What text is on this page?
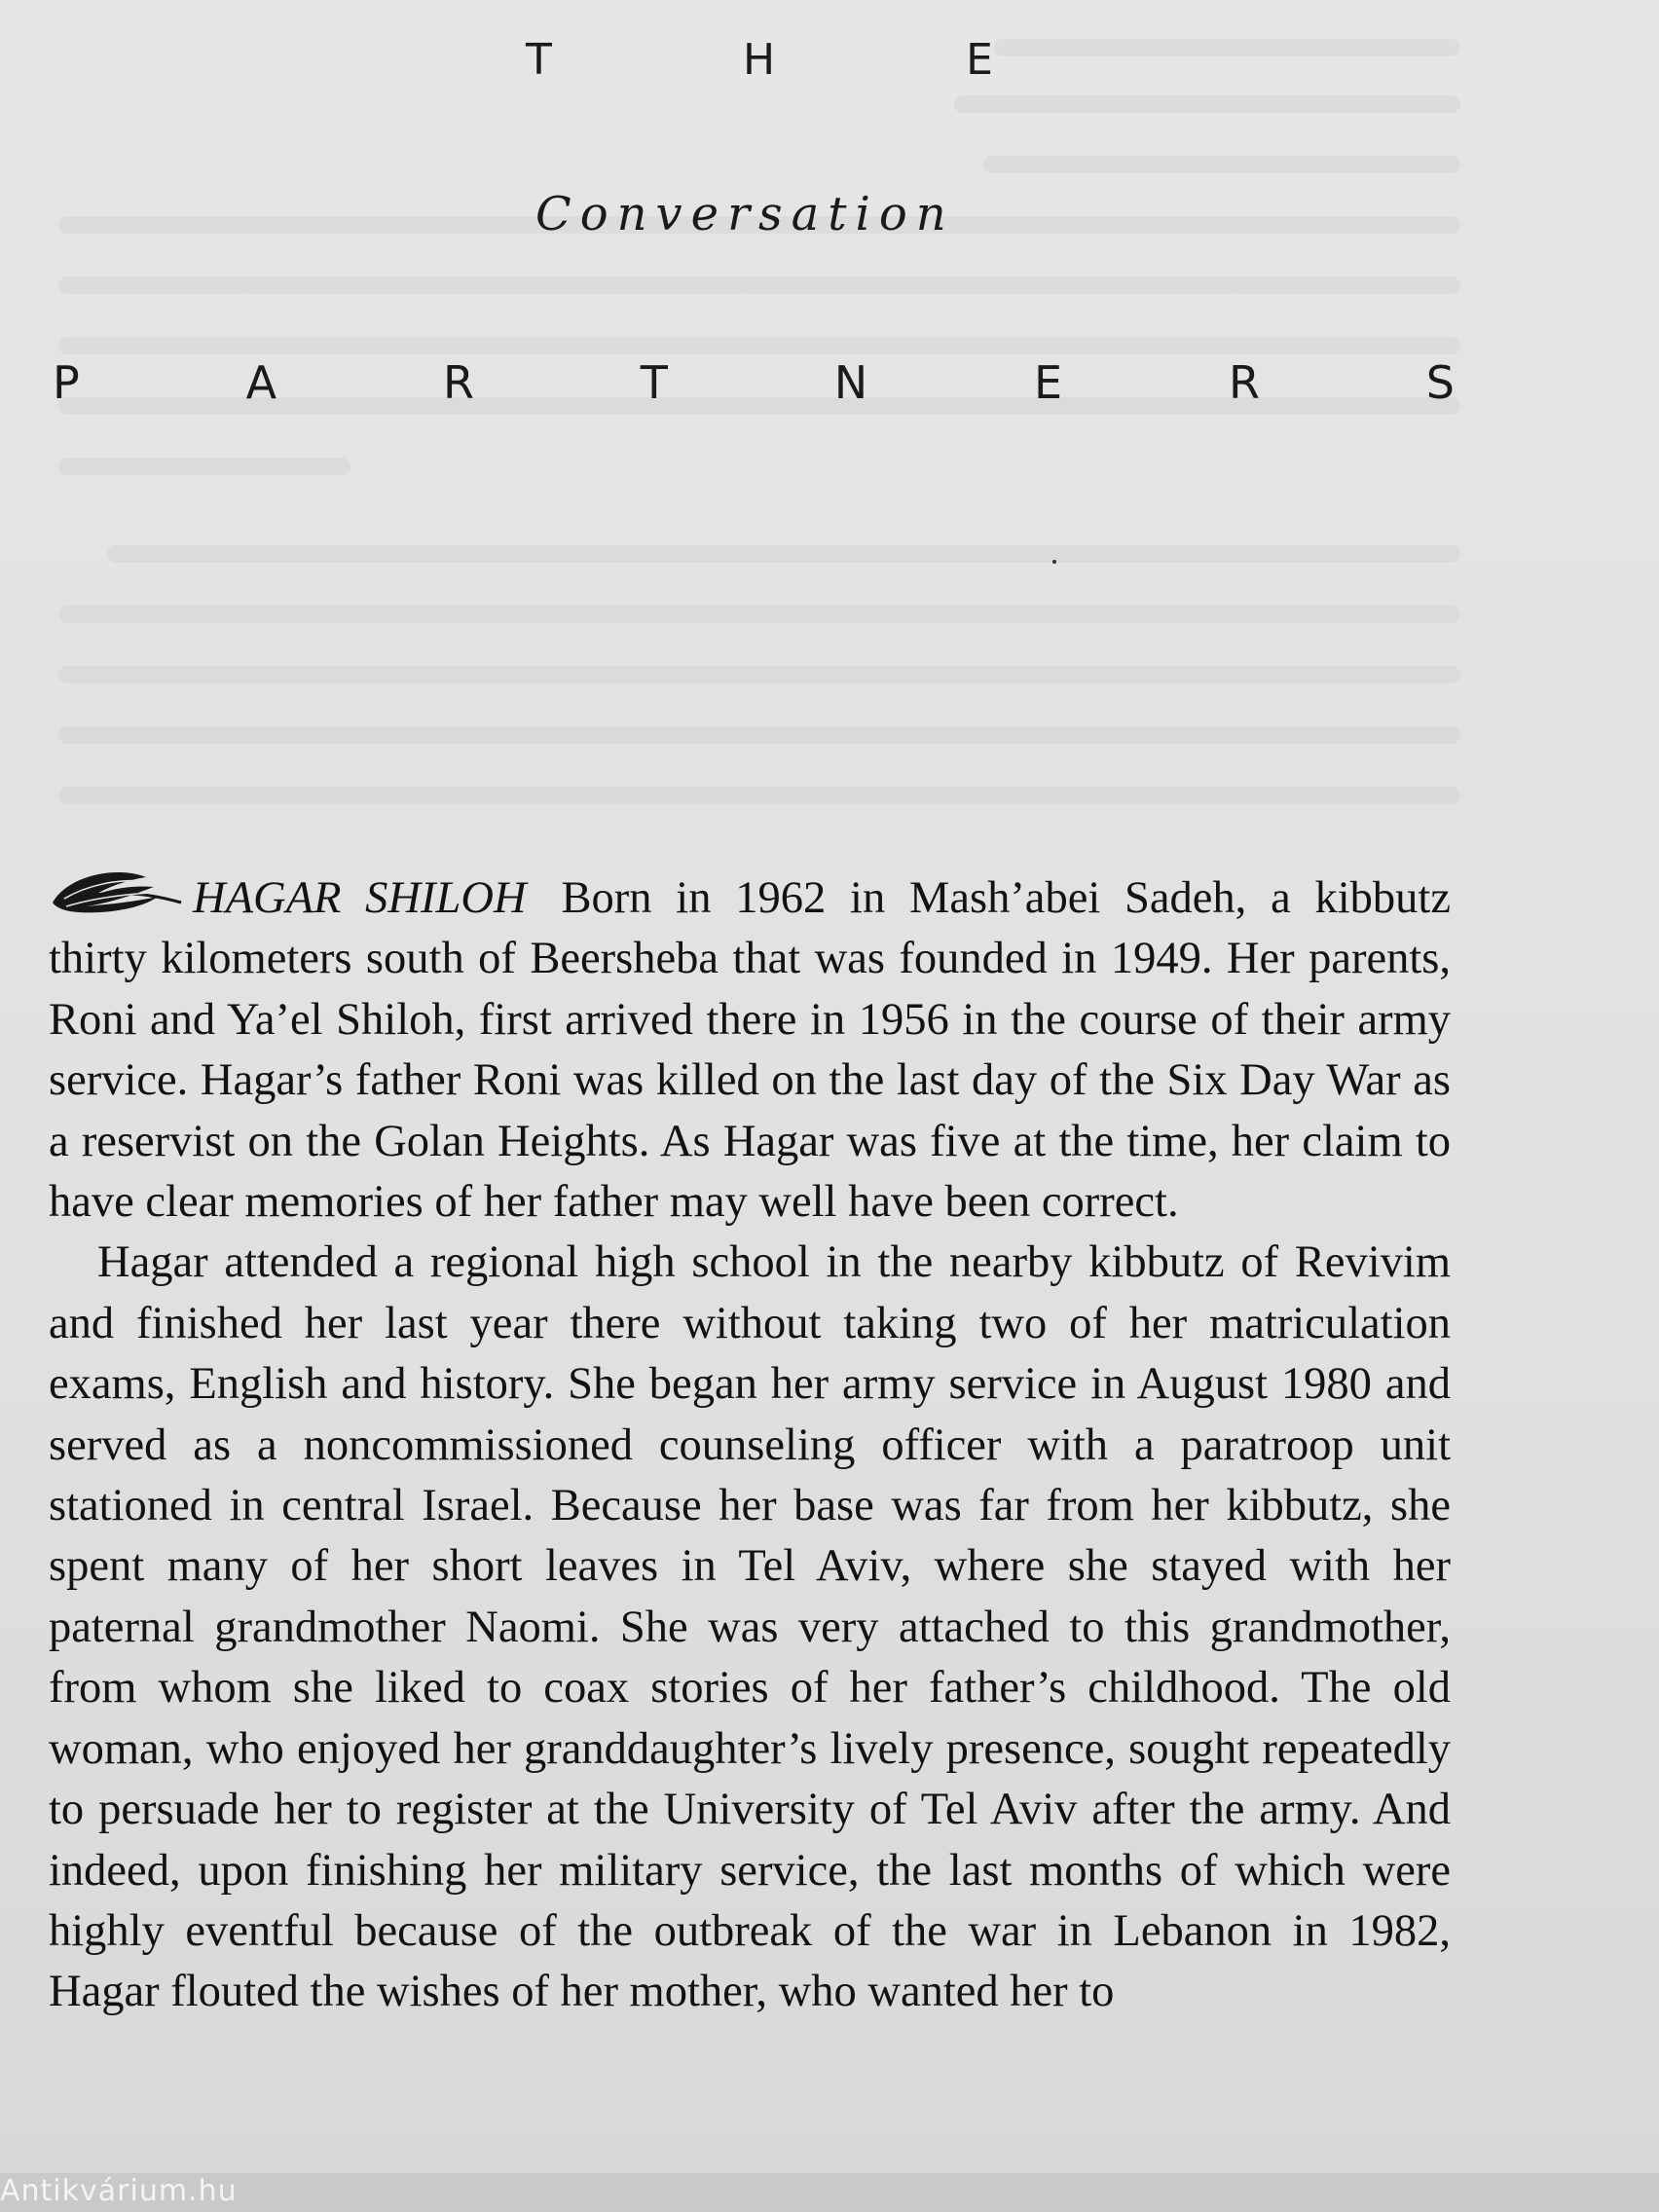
T	H	E
Conversation
P	A	R	T	N	E	R	S

HAGAR SHILOH Born in 1962 in Mash’abei Sadeh, a kibbutz thirty kilometers south of Beersheba that was founded in 1949. Her parents, Roni and Ya’el Shiloh, first arrived there in 1956 in the course of their army service. Hagar’s father Roni was killed on the last day of the Six Day War as a reservist on the Golan Heights. As Hagar was five at the time, her claim to have clear memories of her father may well have been correct.

Hagar attended a regional high school in the nearby kibbutz of Revivim and finished her last year there without taking two of her matriculation exams, English and history. She began her army service in August 1980 and served as a noncommissioned counseling officer with a paratroop unit stationed in central Israel. Because her base was far from her kibbutz, she spent many of her short leaves in Tel Aviv, where she stayed with her paternal grandmother Naomi. She was very attached to this grandmother, from whom she liked to coax stories of her father’s childhood. The old woman, who enjoyed her granddaughter’s lively presence, sought repeatedly to persuade her to register at the University of Tel Aviv after the army. And indeed, upon finishing her military service, the last months of which were highly eventful because of the outbreak of the war in Lebanon in 1982, Hagar flouted the wishes of her mother, who wanted her to

Antikvárium.hu
